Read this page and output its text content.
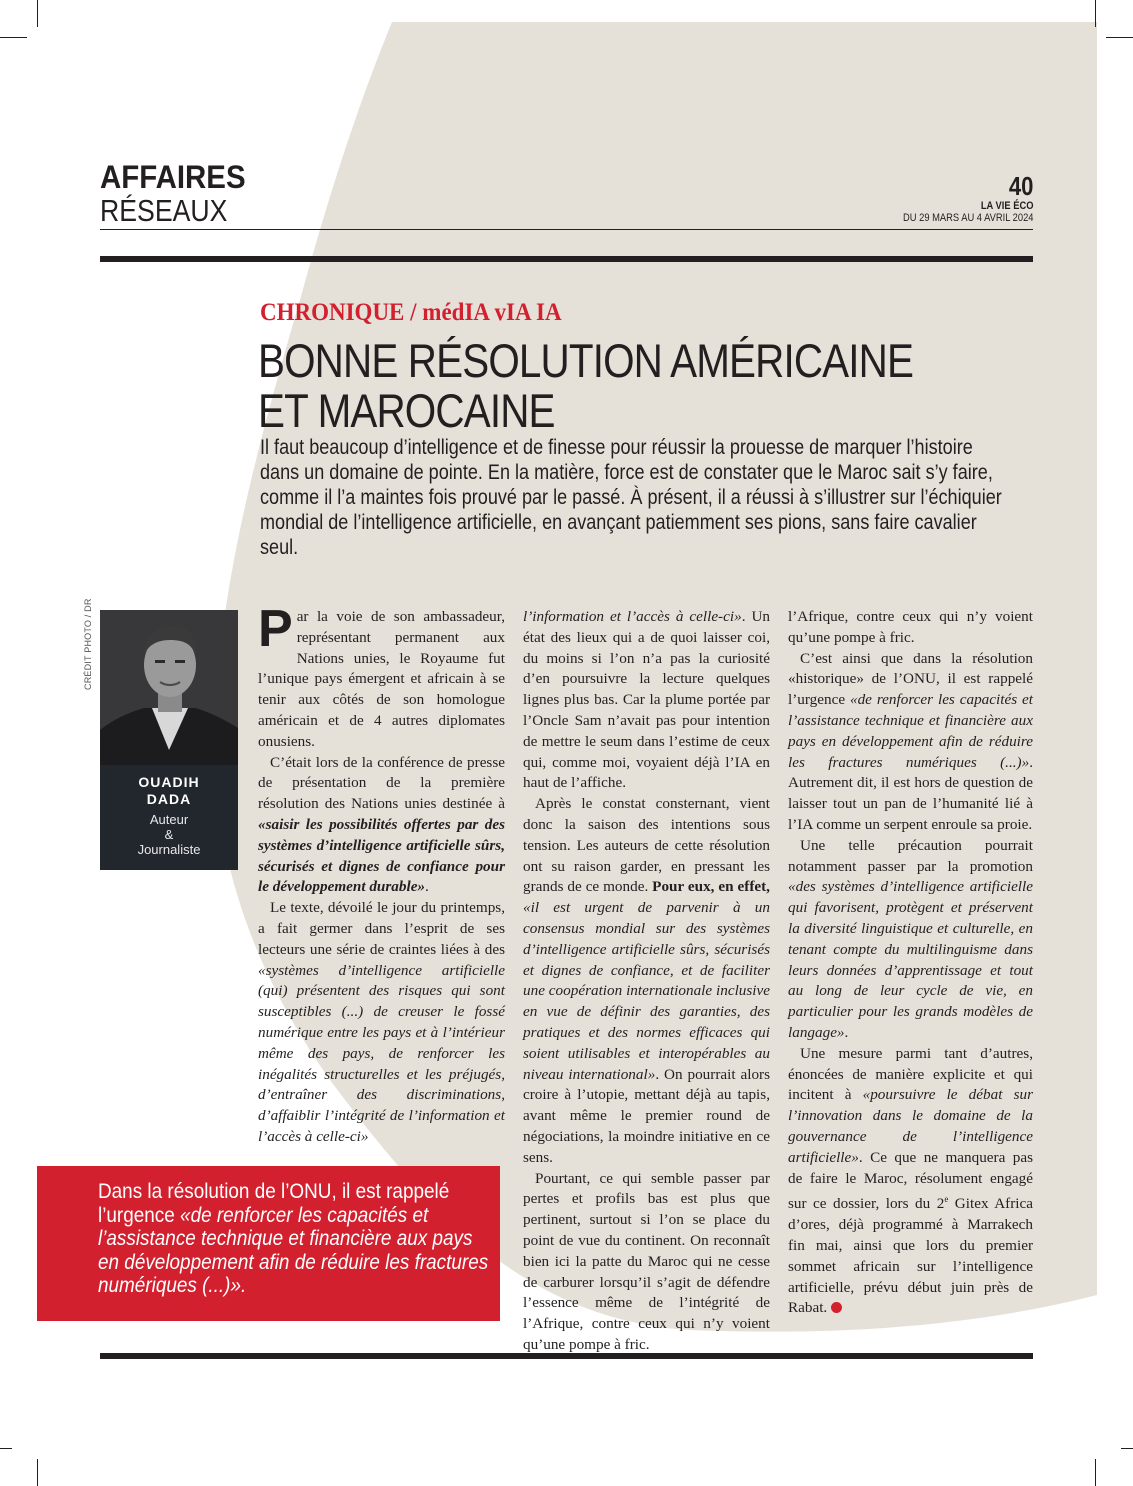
AFFAIRES
RÉSEAUX
40
LA VIE ÉCO
DU 29 MARS AU 4 AVRIL 2024
CHRONIQUE / médIA vIA IA
BONNE RÉSOLUTION AMÉRICAINE
ET MAROCAINE
Il faut beaucoup d’intelligence et de finesse pour réussir la prouesse de marquer l’histoire dans un domaine de pointe. En la matière, force est de constater que le Maroc sait s’y faire, comme il l’a maintes fois prouvé par le passé. À présent, il a réussi à s’illustrer sur l’échiquier mondial de l’intelligence artificielle, en avançant patiemment ses pions, sans faire cavalier seul.
CRÉDIT PHOTO / DR
OUADIH
DADA
Auteur
&
Journaliste

Par la voie de son ambassadeur, représentant permanent aux Nations unies, le Royaume fut l’unique pays émergent et africain à se tenir aux côtés de son homologue américain et de 4 autres diplomates onusiens.

C’était lors de la conférence de presse de présentation de la première résolution des Nations unies destinée à «saisir les possibilités offertes par des systèmes d’intelligence artificielle sûrs, sécurisés et dignes de confiance pour le développement durable».

Le texte, dévoilé le jour du printemps, a fait germer dans l’esprit de ses lecteurs une série de craintes liées à des «systèmes d’intelligence artificielle (qui) présentent des risques qui sont susceptibles (...) de creuser le fossé numérique entre les pays et à l’intérieur même des pays, de renforcer les inégalités structurelles et les préjugés, d’entraîner des discriminations, d’affaiblir l’intégrité de l’information et l’accès à celle-ci»

l’information et l’accès à celle-ci». Un état des lieux qui a de quoi laisser coi, du moins si l’on n’a pas la curiosité d’en poursuivre la lecture quelques lignes plus bas. Car la plume portée par l’Oncle Sam n’avait pas pour intention de mettre le seum dans l’estime de ceux qui, comme moi, voyaient déjà l’IA en haut de l’affiche.

Après le constat consternant, vient donc la saison des intentions sous tension. Les auteurs de cette résolution ont su raison garder, en pressant les grands de ce monde. Pour eux, en effet, «il est urgent de parvenir à un consensus mondial sur des systèmes d’intelligence artificielle sûrs, sécurisés et dignes de confiance, et de faciliter une coopération internationale inclusive en vue de définir des garanties, des pratiques et des normes efficaces qui soient utilisables et interopérables au niveau international». On pourrait alors croire à l’utopie, mettant déjà au tapis, avant même le premier round de négociations, la moindre initiative en ce sens.

Pourtant, ce qui semble passer par pertes et profils bas est plus que pertinent, surtout si l’on se place du point de vue du continent. On reconnaît bien ici la patte du Maroc qui ne cesse de carburer lorsqu’il s’agit de défendre l’essence même de l’intégrité de l’Afrique, contre ceux qui n’y voient qu’une pompe à fric.

l’Afrique, contre ceux qui n’y voient qu’une pompe à fric.

C’est ainsi que dans la résolution «historique» de l’ONU, il est rappelé l’urgence «de renforcer les capacités et l’assistance technique et financière aux pays en développement afin de réduire les fractures numériques (...)». Autrement dit, il est hors de question de laisser tout un pan de l’humanité lié à l’IA comme un serpent enroule sa proie.

Une telle précaution pourrait notamment passer par la promotion «des systèmes d’intelligence artificielle qui favorisent, protègent et préservent la diversité linguistique et culturelle, en tenant compte du multilinguisme dans leurs données d’apprentissage et tout au long de leur cycle de vie, en particulier pour les grands modèles de langage».

Une mesure parmi tant d’autres, énoncées de manière explicite et qui incitent à «poursuivre le débat sur l’innovation dans le domaine de la gouvernance de l’intelligence artificielle». Ce que ne manquera pas de faire le Maroc, résolument engagé sur ce dossier, lors du 2e Gitex Africa d’ores, déjà programmé à Marrakech fin mai, ainsi que lors du premier sommet africain sur l’intelligence artificielle, prévu début juin près de Rabat.

Dans la résolution de l’ONU, il est rappelé l’urgence «de renforcer les capacités et l’assistance technique et financière aux pays en développement afin de réduire les fractures numériques (...)».
